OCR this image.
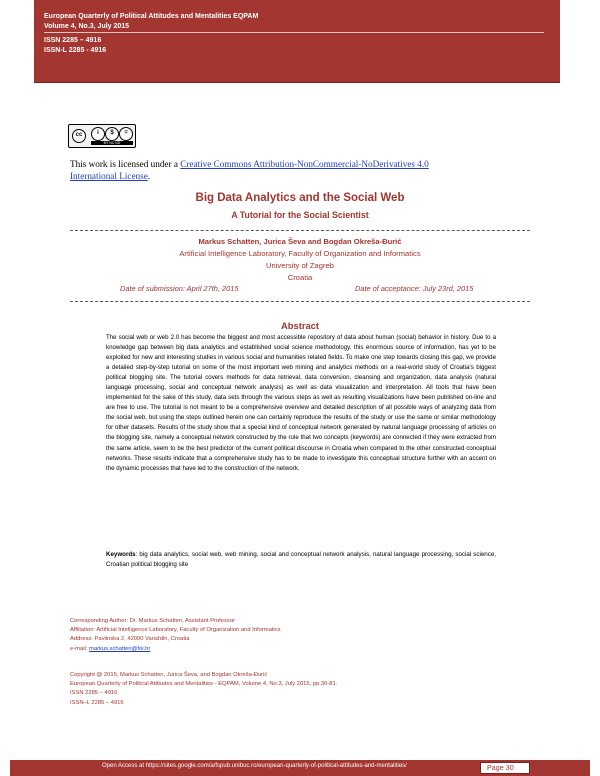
European Quarterly of Political Attitudes and Mentalities EQPAM
Volume 4, No.3, July 2015
ISSN 2285 – 4916
ISSN-L 2285 - 4916
cc	i	$	=
BY NC ND
This work is licensed under a Creative Commons Attribution-NonCommercial-NoDerivatives 4.0
International License.
Big Data Analytics and the Social Web
A Tutorial for the Social Scientist
Markus Schatten, Jurica Ševa and Bogdan Okreša-Đurić
Artificial Intelligence Laboratory, Faculty of Organization and Informatics
University of Zagreb
Croatia
Date of submission: April 27th, 2015	Date of acceptance: July 23rd, 2015
Abstract
The social web or web 2.0 has become the biggest and most accessible repository of data about human (social) behavior in history. Due to a knowledge gap between big data analytics and established social science methodology, this enormous source of information, has yet to be exploited for new and interesting studies in various social and humanities related fields. To make one step towards closing this gap, we provide a detailed step-by-step tutorial on some of the most important web mining and analytics methods on a real-world study of Croatia's biggest political blogging site. The tutorial covers methods for data retrieval, data conversion, cleansing and organization, data analysis (natural language processing, social and conceptual network analysis) as well as data visualization and interpretation. All tools that have been implemented for the sake of this study, data sets through the various steps as well as resulting visualizations have been published on-line and are free to use. The tutorial is not meant to be a comprehensive overview and detailed description of all possible ways of analyzing data from the social web, but using the steps outlined herein one can certainly reproduce the results of the study or use the same or similar methodology for other datasets. Results of the study show that a special kind of conceptual network generated by natural language processing of articles on the blogging site, namely a conceptual network constructed by the rule that two concepts (keywords) are connected if they were extracted from the same article, seem to be the best predictor of the current political discourse in Croatia when compared to the other constructed conceptual networks. These results indicate that a comprehensive study has to be made to investigate this conceptual structure further with an accent on the dynamic processes that have led to the construction of the network.
Keywords: big data analytics, social web, web mining, social and conceptual network analysis, natural language processing, social science, Croatian political blogging site
Corresponding Author: Dr. Markus Schatten, Assistant Professor
Affiliation: Artificial Intelligence Laboratory, Faculty of Organization and Informatics
Address: Pavlinska 2, 42000 Varaždin, Croatia
e-mail: markus.schatten@foi.hr
Copyright @ 2015, Markus Schatten, Jurica Ševa, and Bogdan Okreša-Đurić
European Quarterly of Political Attitudes and Mentalities - EQPAM, Volume 4, No.3, July 2015, pp.30-81.
ISSN 2285 – 4916
ISSN–L 2285 – 4916
Open Access at https://sites.google.com/a/fspub.unibuc.ro/european-quarterly-of-political-attitudes-and-mentalities/	Page 30
